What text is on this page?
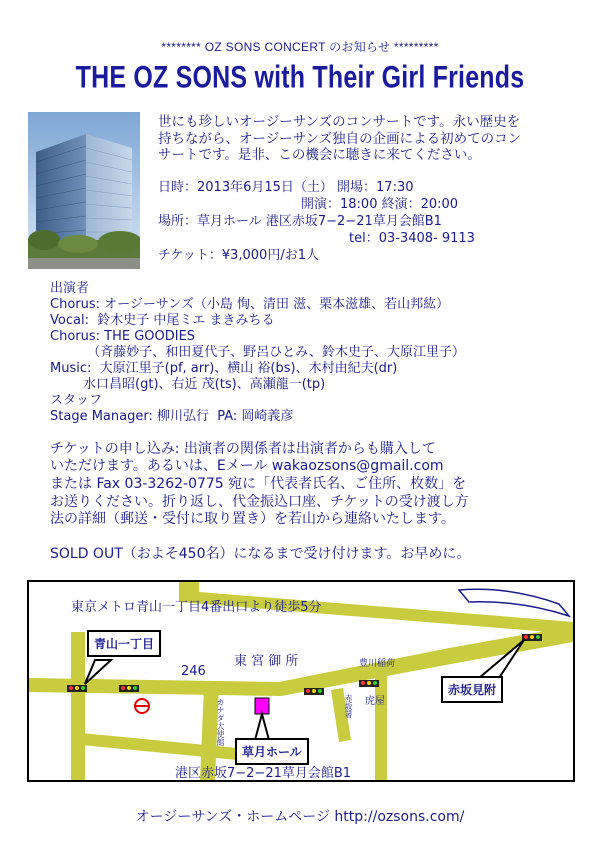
******** OZ SONS CONCERT のお知らせ *********
THE OZ SONS with Their Girl Friends
世にも珍しいオージーサンズのコンサートです。永い歴史を
持ちながら、オージーサンズ独自の企画による初めてのコン
サートです。是非、この機会に聴きに来てください。
日時：2013年6月15日（土） 開場：17:30
開演：18:00 終演：20:00
場所：草月ホール 港区赤坂7−2−21草月会館B1
tel：03-3408- 9113
チケット：¥3,000円/お1人
出演者
Chorus: オージーサンズ（小島 恂、清田 滋、栗本滋雄、若山邦紘）
Vocal:  鈴木史子 中尾ミエ まきみちる
Chorus: THE GOODIES
（斉藤妙子、和田夏代子、野呂ひとみ、鈴木史子、大原江里子）
Music:  大原江里子(pf, arr)、横山 裕(bs)、木村由紀夫(dr)
水口昌昭(gt)、右近 茂(ts)、高瀬龍一(tp)
スタッフ
Stage Manager: 柳川弘行  PA: 岡崎義彦
チケットの申し込み: 出演者の関係者は出演者からも購入して
いただけます。あるいは、Eメール wakaozsons@gmail.com
または Fax 03-3262-0775 宛に「代表者氏名、ご住所、枚数」を
お送りください。折り返し、代金振込口座、チケットの受け渡し方
法の詳細（郵送・受付に取り置き）を若山から連絡いたします。
SOLD OUT（およそ450名）になるまで受け付けます。お早めに。
東京メトロ青山一丁目4番出口より徒歩5分
青山一丁目
246
東 宮 御 所	豊川稲荷
虎屋
赤坂署
カナダ大使館
赤坂見附
草月ホール
港区赤坂7−2−21草月会館B1
オージーサンズ・ホームページ http://ozsons.com/
